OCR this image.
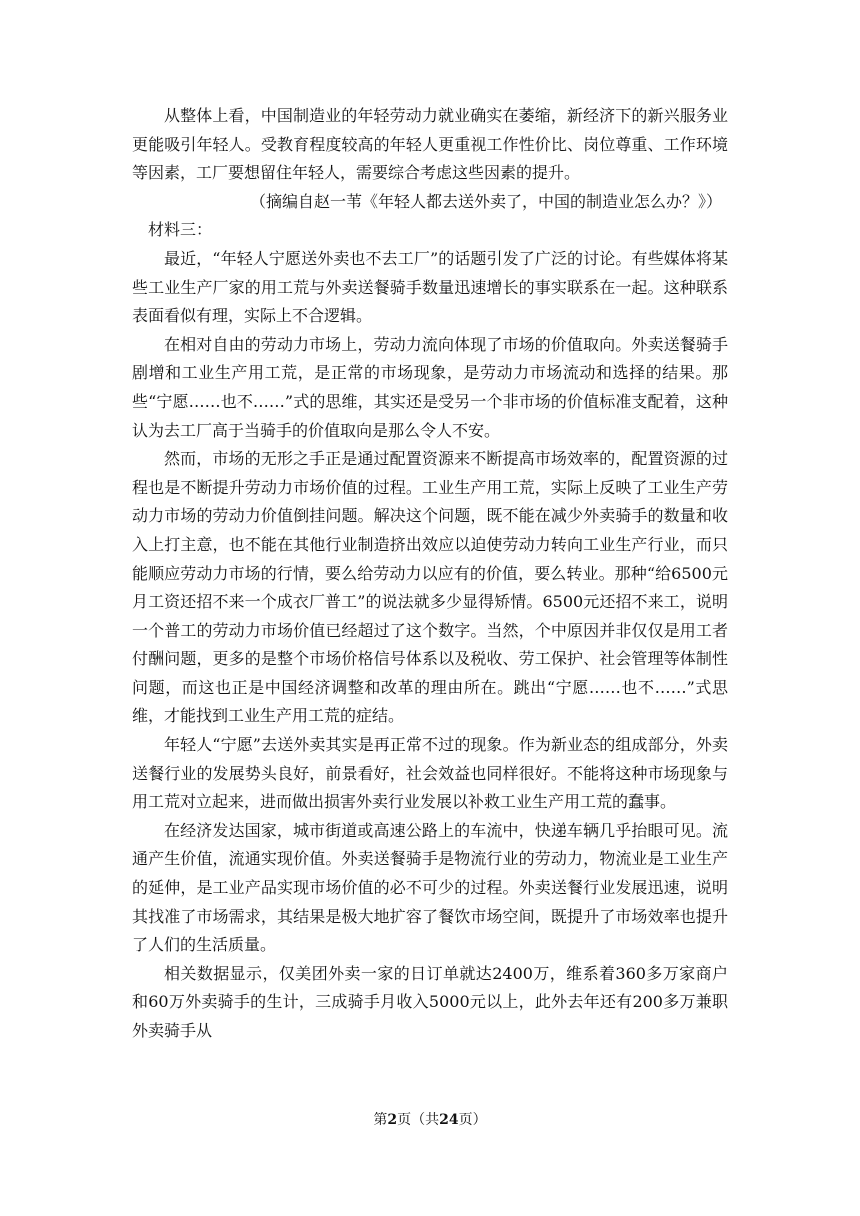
从整体上看，中国制造业的年轻劳动力就业确实在萎缩，新经济下的新兴服务业更能吸引年轻人。受教育程度较高的年轻人更重视工作性价比、岗位尊重、工作环境等因素，工厂要想留住年轻人，需要综合考虑这些因素的提升。

（摘编自赵一苇《年轻人都去送外卖了，中国的制造业怎么办？》）

材料三：

最近，“年轻人宁愿送外卖也不去工厂”的话题引发了广泛的讨论。有些媒体将某些工业生产厂家的用工荒与外卖送餐骑手数量迅速增长的事实联系在一起。这种联系表面看似有理，实际上不合逻辑。

在相对自由的劳动力市场上，劳动力流向体现了市场的价值取向。外卖送餐骑手剧增和工业生产用工荒，是正常的市场现象，是劳动力市场流动和选择的结果。那些“宁愿……也不……”式的思维，其实还是受另一个非市场的价值标准支配着，这种认为去工厂高于当骑手的价值取向是那么令人不安。

然而，市场的无形之手正是通过配置资源来不断提高市场效率的，配置资源的过程也是不断提升劳动力市场价值的过程。工业生产用工荒，实际上反映了工业生产劳动力市场的劳动力价值倒挂问题。解决这个问题，既不能在减少外卖骑手的数量和收入上打主意，也不能在其他行业制造挤出效应以迫使劳动力转向工业生产行业，而只能顺应劳动力市场的行情，要么给劳动力以应有的价值，要么转业。那种“给6500元月工资还招不来一个成衣厂普工”的说法就多少显得矫情。6500元还招不来工，说明一个普工的劳动力市场价值已经超过了这个数字。当然，个中原因并非仅仅是用工者付酬问题，更多的是整个市场价格信号体系以及税收、劳工保护、社会管理等体制性问题，而这也正是中国经济调整和改革的理由所在。跳出“宁愿……也不……”式思维，才能找到工业生产用工荒的症结。

年轻人“宁愿”去送外卖其实是再正常不过的现象。作为新业态的组成部分，外卖送餐行业的发展势头良好，前景看好，社会效益也同样很好。不能将这种市场现象与用工荒对立起来，进而做出损害外卖行业发展以补救工业生产用工荒的蠢事。

在经济发达国家，城市街道或高速公路上的车流中，快递车辆几乎抬眼可见。流通产生价值，流通实现价值。外卖送餐骑手是物流行业的劳动力，物流业是工业生产的延伸，是工业产品实现市场价值的必不可少的过程。外卖送餐行业发展迅速，说明其找准了市场需求，其结果是极大地扩容了餐饮市场空间，既提升了市场效率也提升了人们的生活质量。

相关数据显示，仅美团外卖一家的日订单就达2400万，维系着360多万家商户和60万外卖骑手的生计，三成骑手月收入5000元以上，此外去年还有200多万兼职外卖骑手从

第2页（共24页）
